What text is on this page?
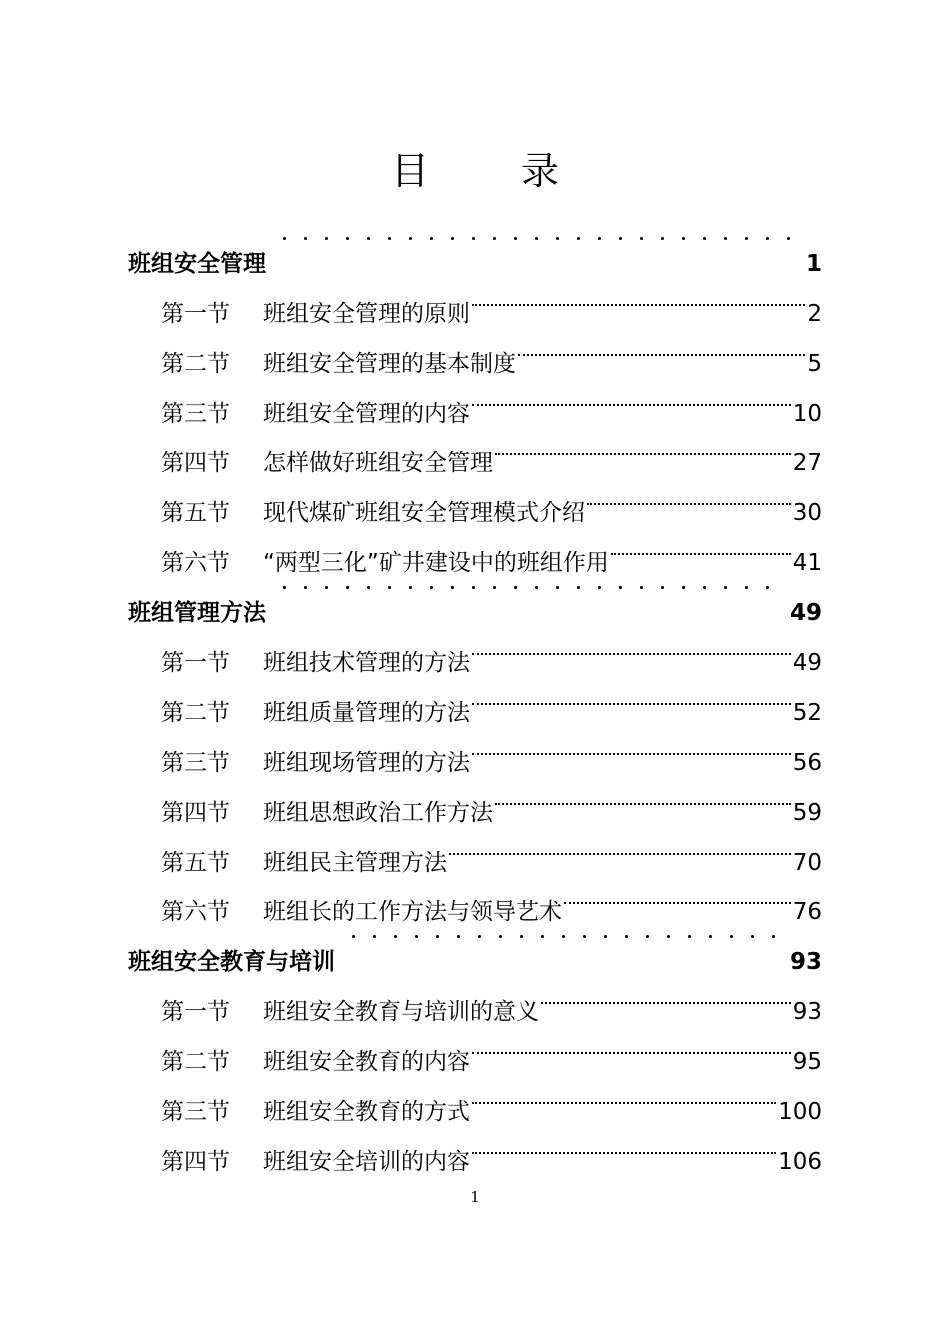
目 录
班组安全管理	1
第一节	班组安全管理的原则	2
第二节	班组安全管理的基本制度	5
第三节	班组安全管理的内容	10
第四节	怎样做好班组安全管理	27
第五节	现代煤矿班组安全管理模式介绍	30
第六节	“两型三化”矿井建设中的班组作用	41
班组管理方法	49
第一节	班组技术管理的方法	49
第二节	班组质量管理的方法	52
第三节	班组现场管理的方法	56
第四节	班组思想政治工作方法	59
第五节	班组民主管理方法	70
第六节	班组长的工作方法与领导艺术	76
班组安全教育与培训	93
第一节	班组安全教育与培训的意义	93
第二节	班组安全教育的内容	95
第三节	班组安全教育的方式	100
第四节	班组安全培训的内容	106
1
